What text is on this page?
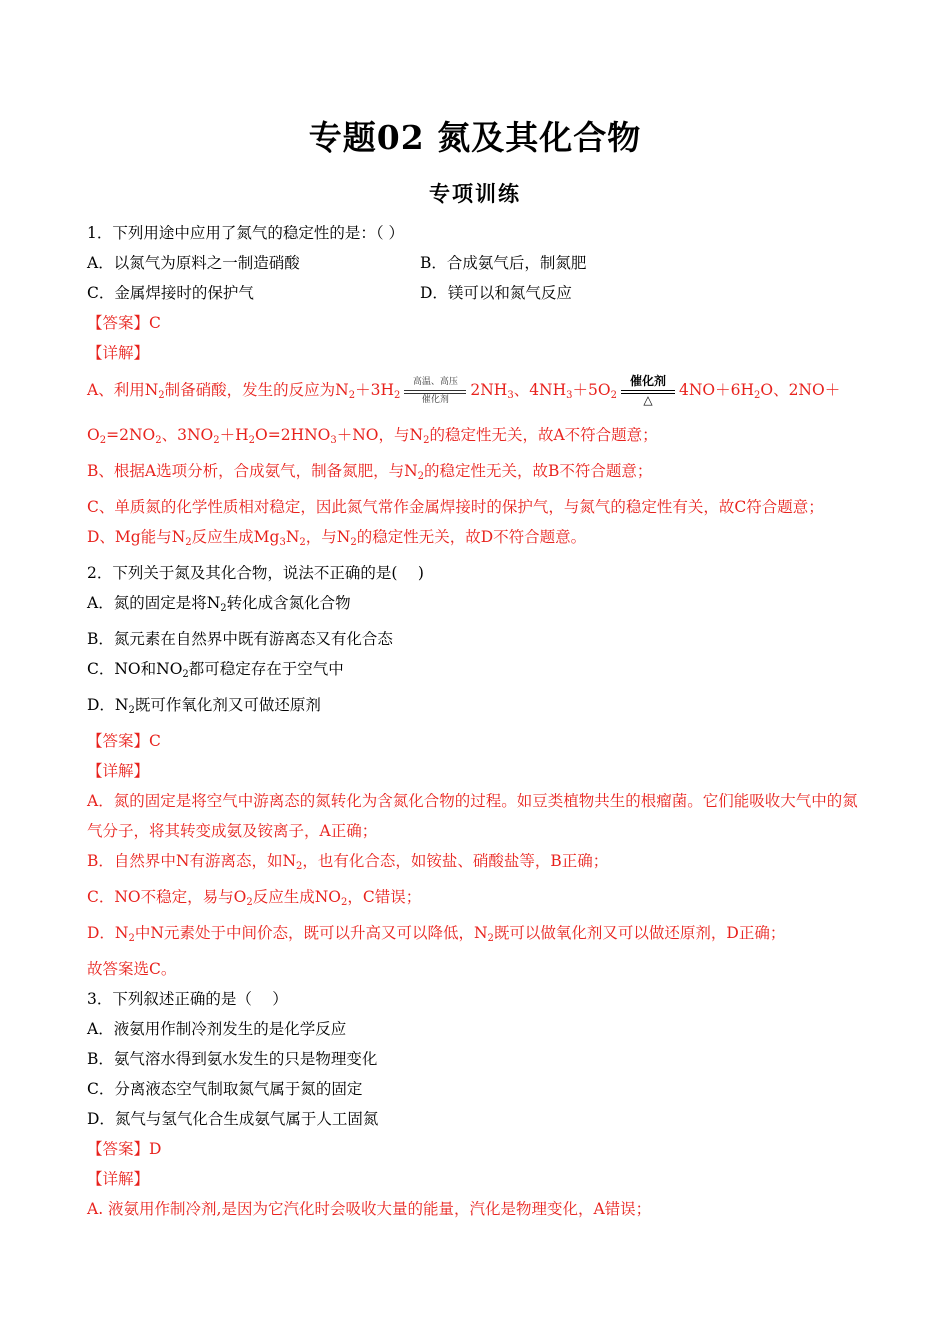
专题02 氮及其化合物
专项训练
1．下列用途中应用了氮气的稳定性的是：（ ）
A．以氮气为原料之一制造硝酸	B．合成氨气后，制氮肥
C．金属焊接时的保护气	D．镁可以和氮气反应
【答案】C
【详解】
A、利用$N_2$制备硝酸，发生的反应为$N_2+3H_2$
高温、高压
催化剂
$2NH_3$、$4NH_3+5O_2$
催化剂
△
$4NO+6H_2O$、2NO＋
$O_2=2NO_2$、$3NO_2+H_2O=2HNO_3+NO$，与$N_2$的稳定性无关，故A不符合题意；
B、根据A选项分析，合成氨气，制备氮肥，与$N_2$的稳定性无关，故B不符合题意；
C、单质氮的化学性质相对稳定，因此氮气常作金属焊接时的保护气，与氮气的稳定性有关，故C符合题意；
D、Mg能与$N_2$反应生成$Mg_3N_2$，与$N_2$的稳定性无关，故D不符合题意。
2．下列关于氮及其化合物，说法不正确的是(　 )
A．氮的固定是将$N_2$转化成含氮化合物
B．氮元素在自然界中既有游离态又有化合态
C．NO和$NO_2$都可稳定存在于空气中
D．$N_2$既可作氧化剂又可做还原剂
【答案】C
【详解】
A．氮的固定是将空气中游离态的氮转化为含氮化合物的过程。如豆类植物共生的根瘤菌。它们能吸收大气中的氮气分子，将其转变成氨及铵离子，A正确；
B．自然界中N有游离态，如$N_2$，也有化合态，如铵盐、硝酸盐等，B正确；
C．NO不稳定，易与$O_2$反应生成$NO_2$，C错误；
D．$N_2$中N元素处于中间价态，既可以升高又可以降低，$N_2$既可以做氧化剂又可以做还原剂，D正确；
故答案选C。
3．下列叙述正确的是（　 ）
A．液氨用作制冷剂发生的是化学反应
B．氨气溶水得到氨水发生的只是物理变化
C．分离液态空气制取氮气属于氮的固定
D．氮气与氢气化合生成氨气属于人工固氮
【答案】D
【详解】
A. 液氨用作制冷剂,是因为它汽化时会吸收大量的能量，汽化是物理变化，A错误；
